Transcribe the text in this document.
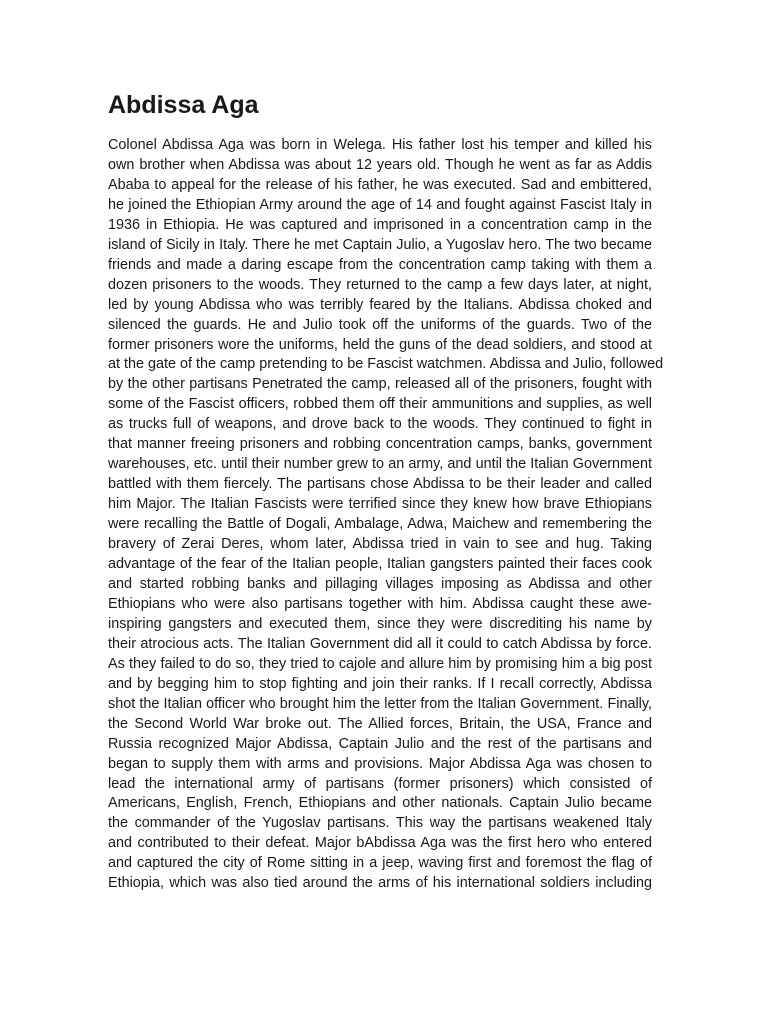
Abdissa Aga
Colonel Abdissa Aga was born in Welega. His father lost his temper and killed his
own brother when Abdissa was about 12 years old. Though he went as far as Addis
Ababa to appeal for the release of his father, he was executed. Sad and embittered,
he joined the Ethiopian Army around the age of 14 and fought against Fascist Italy in
1936 in Ethiopia. He was captured and imprisoned in a concentration camp in the
island of Sicily in Italy. There he met Captain Julio, a Yugoslav hero. The two became
friends and made a daring escape from the concentration camp taking with them a
dozen prisoners to the woods. They returned to the camp a few days later, at night,
led by young Abdissa who was terribly feared by the Italians. Abdissa choked and
silenced the guards. He and Julio took off the uniforms of the guards. Two of the
former prisoners wore the uniforms, held the guns of the dead soldiers, and stood at
at the gate of the camp pretending to be Fascist watchmen. Abdissa and Julio, followed
by the other partisans Penetrated the camp, released all of the prisoners, fought with
some of the Fascist officers, robbed them off their ammunitions and supplies, as well
as trucks full of weapons, and drove back to the woods. They continued to fight in
that manner freeing prisoners and robbing concentration camps, banks, government
warehouses, etc. until their number grew to an army, and until the Italian Government
battled with them fiercely. The partisans chose Abdissa to be their leader and called
him Major. The Italian Fascists were terrified since they knew how brave Ethiopians
were recalling the Battle of Dogali, Ambalage, Adwa, Maichew and remembering the
bravery of Zerai Deres, whom later, Abdissa tried in vain to see and hug. Taking
advantage of the fear of the Italian people, Italian gangsters painted their faces cook
and started robbing banks and pillaging villages imposing as Abdissa and other
Ethiopians who were also partisans together with him. Abdissa caught these awe-
inspiring gangsters and executed them, since they were discrediting his name by
their atrocious acts. The Italian Government did all it could to catch Abdissa by force.
As they failed to do so, they tried to cajole and allure him by promising him a big post
and by begging him to stop fighting and join their ranks. If I recall correctly, Abdissa
shot the Italian officer who brought him the letter from the Italian Government. Finally,
the Second World War broke out. The Allied forces, Britain, the USA, France and
Russia recognized Major Abdissa, Captain Julio and the rest of the partisans and
began to supply them with arms and provisions. Major Abdissa Aga was chosen to
lead the international army of partisans (former prisoners) which consisted of
Americans, English, French, Ethiopians and other nationals. Captain Julio became
the commander of the Yugoslav partisans. This way the partisans weakened Italy
and contributed to their defeat. Major bAbdissa Aga was the first hero who entered
and captured the city of Rome sitting in a jeep, waving first and foremost the flag of
Ethiopia, which was also tied around the arms of his international soldiers including
